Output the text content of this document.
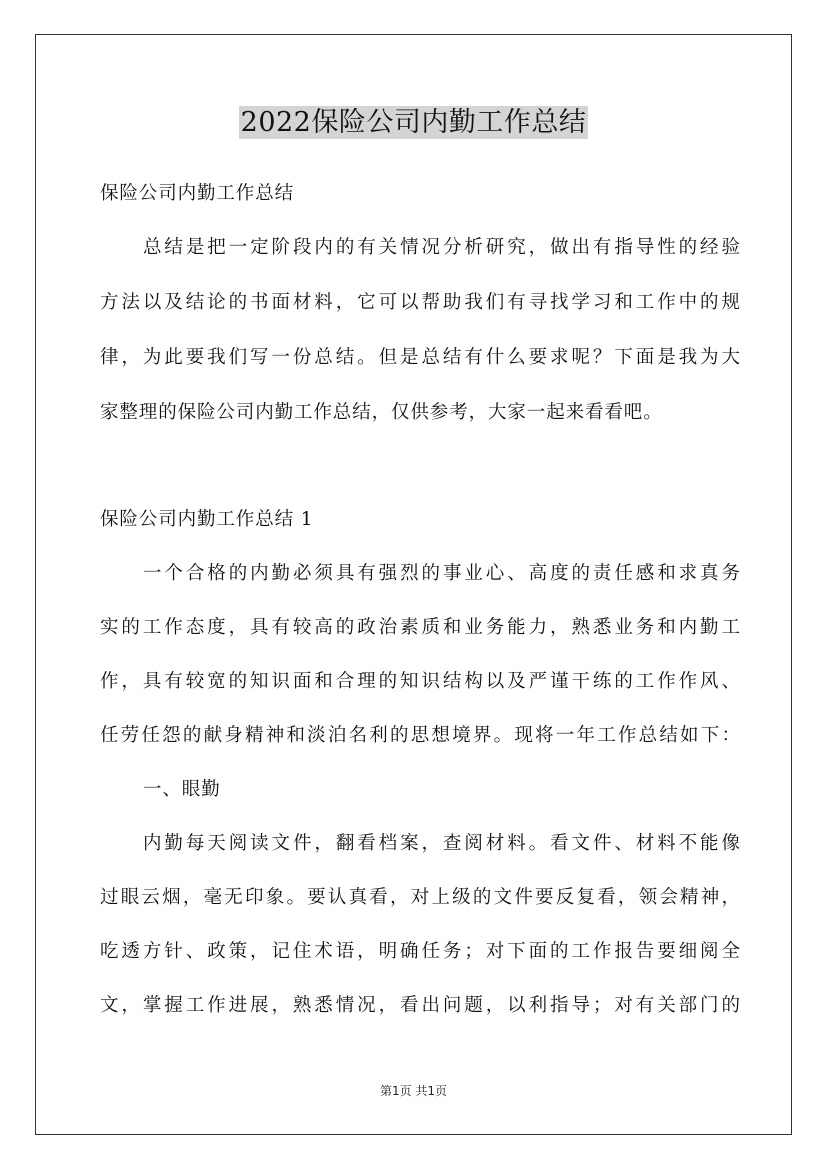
2022保险公司内勤工作总结
保险公司内勤工作总结
总结是把一定阶段内的有关情况分析研究，做出有指导性的经验
方法以及结论的书面材料，它可以帮助我们有寻找学习和工作中的规
律，为此要我们写一份总结。但是总结有什么要求呢？下面是我为大
家整理的保险公司内勤工作总结，仅供参考，大家一起来看看吧。
保险公司内勤工作总结 1
一个合格的内勤必须具有强烈的事业心、高度的责任感和求真务
实的工作态度，具有较高的政治素质和业务能力，熟悉业务和内勤工
作，具有较宽的知识面和合理的知识结构以及严谨干练的工作作风、
任劳任怨的献身精神和淡泊名利的思想境界。现将一年工作总结如下：
一、眼勤
内勤每天阅读文件，翻看档案，查阅材料。看文件、材料不能像
过眼云烟，毫无印象。要认真看，对上级的文件要反复看，领会精神，
吃透方针、政策，记住术语，明确任务；对下面的工作报告要细阅全
文，掌握工作进展，熟悉情况，看出问题，以利指导；对有关部门的
第1页 共1页
